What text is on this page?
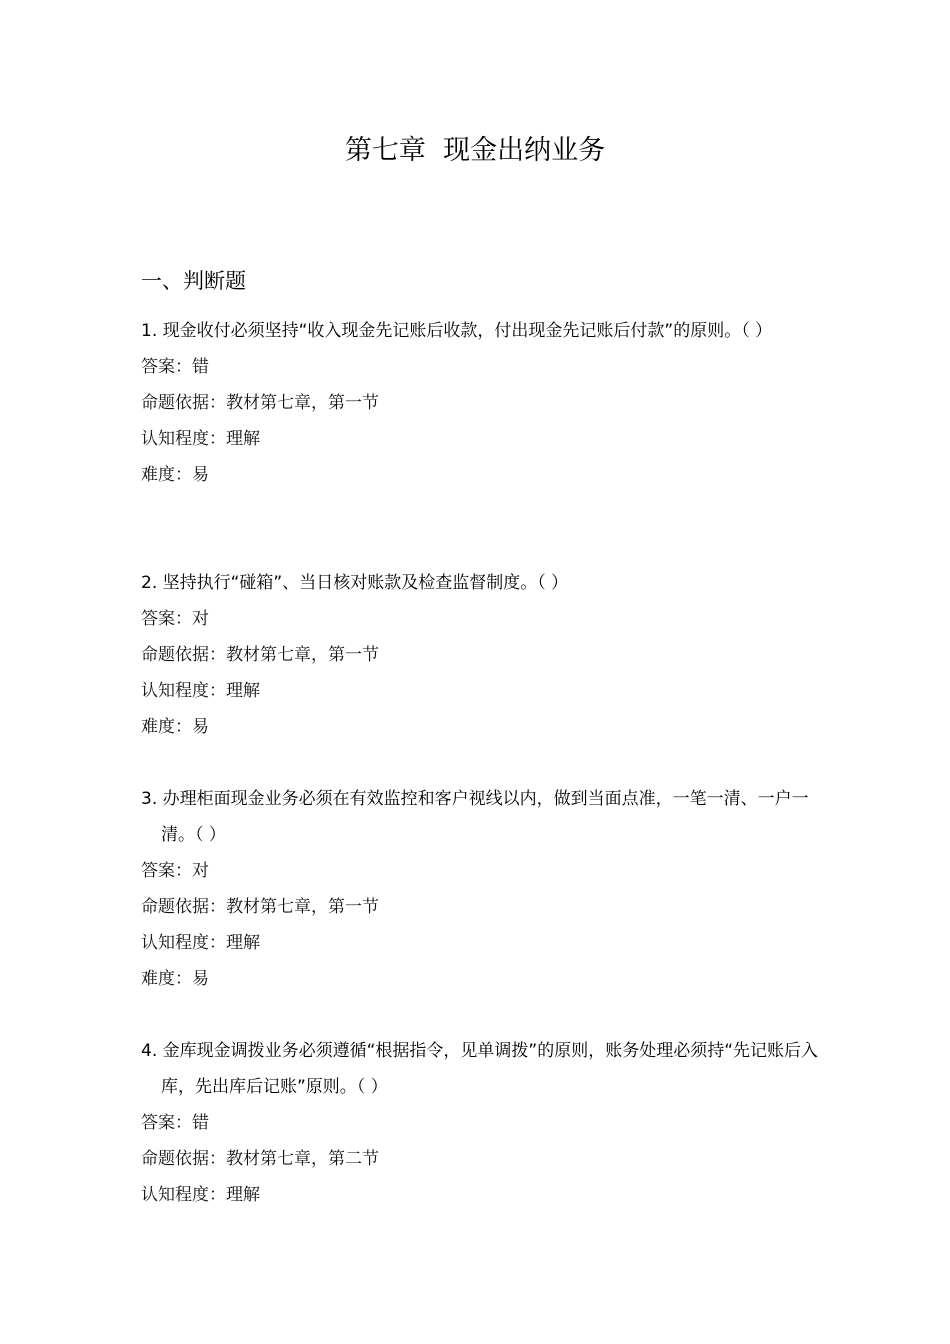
第七章  现金出纳业务
一、判断题

1. 现金收付必须坚持“收入现金先记账后收款，付出现金先记账后付款”的原则。（ ）

答案：错

命题依据：教材第七章，第一节

认知程度：理解

难度：易

2. 坚持执行“碰箱”、当日核对账款及检查监督制度。（ ）

答案：对

命题依据：教材第七章，第一节

认知程度：理解

难度：易

3. 办理柜面现金业务必须在有效监控和客户视线以内，做到当面点准，一笔一清、一户一清。（ ）

答案：对

命题依据：教材第七章，第一节

认知程度：理解

难度：易

4. 金库现金调拨业务必须遵循“根据指令，见单调拨”的原则，账务处理必须持“先记账后入库，先出库后记账”原则。（ ）

答案：错

命题依据：教材第七章，第二节

认知程度：理解
